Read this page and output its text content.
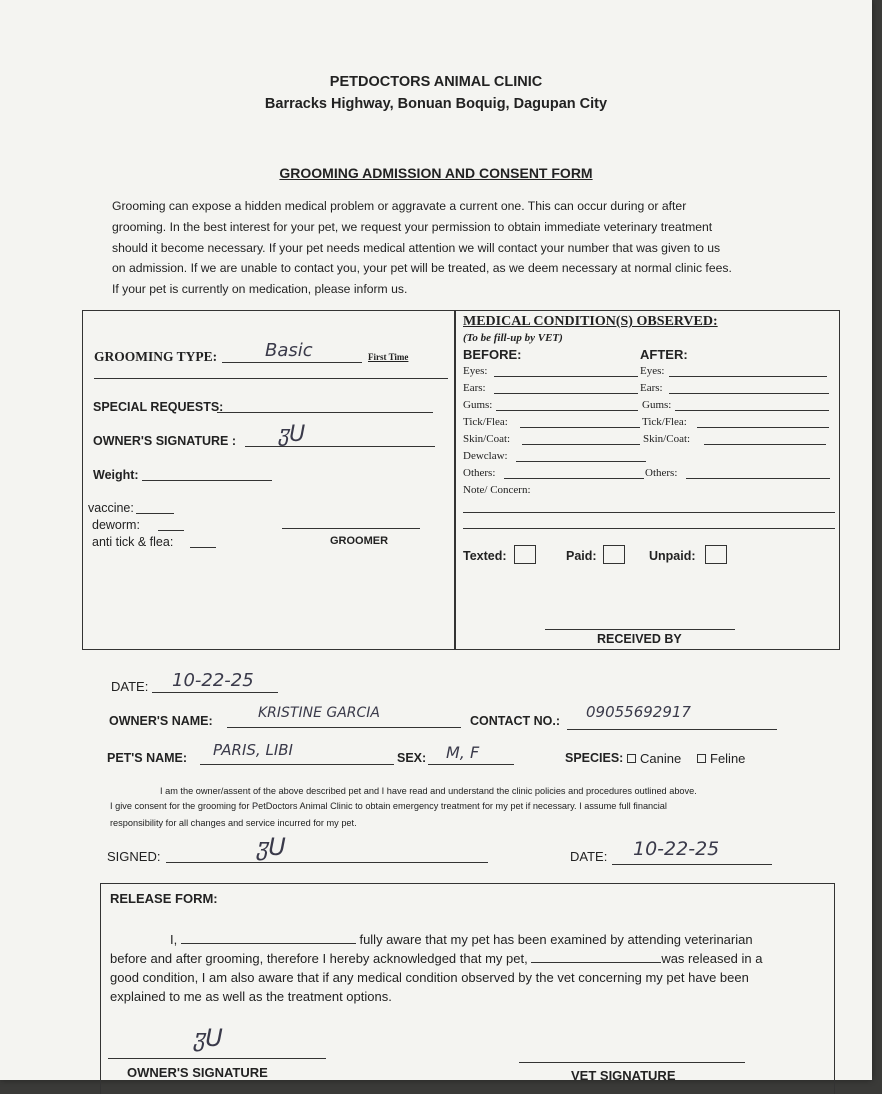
PETDOCTORS ANIMAL CLINIC
Barracks Highway, Bonuan Boquig, Dagupan City
GROOMING ADMISSION AND CONSENT FORM
Grooming can expose a hidden medical problem or aggravate a current one. This can occur during or after
grooming. In the best interest for your pet, we request your permission to obtain immediate veterinary treatment
should it become necessary. If your pet needs medical attention we will contact your number that was given to us
on admission. If we are unable to contact you, your pet will be treated, as we deem necessary at normal clinic fees.
If your pet is currently on medication, please inform us.
GROOMING TYPE:	Basic	First Time
SPECIAL REQUESTS:
OWNER'S SIGNATURE : ჳU
Weight:
vaccine:
deworm:
anti tick & flea:	GROOMER
MEDICAL CONDITION(S) OBSERVED:
(To be fill-up by VET)
BEFORE:	AFTER:
Eyes:	Eyes:
Ears:	Ears:
Gums:	Gums:
Tick/Flea:	Tick/Flea:
Skin/Coat:	Skin/Coat:
Dewclaw:
Others:	Others:
Note/ Concern:
Texted:	Paid:	Unpaid:
RECEIVED BY
DATE: 10-22-25
OWNER'S NAME:	KRISTINE GARCIA	CONTACT NO.: 09055692917
PET'S NAME: PARIS, LIBI	SEX: M, F	SPECIES:	Canine	Feline
I am the owner/assent of the above described pet and I have read and understand the clinic policies and procedures outlined above.
I give consent for the grooming for PetDoctors Animal Clinic to obtain emergency treatment for my pet if necessary. I assume full financial
responsibility for all changes and service incurred for my pet.
SIGNED:	ჳU	DATE: 10-22-25
RELEASE FORM:
I,	fully aware that my pet has been examined by attending veterinarian
before and after grooming, therefore I hereby acknowledged that my pet,	was released in a
good condition, I am also aware that if any medical condition observed by the vet concerning my pet have been
explained to me as well as the treatment options.
ჳU
OWNER'S SIGNATURE	VET SIGNATURE
